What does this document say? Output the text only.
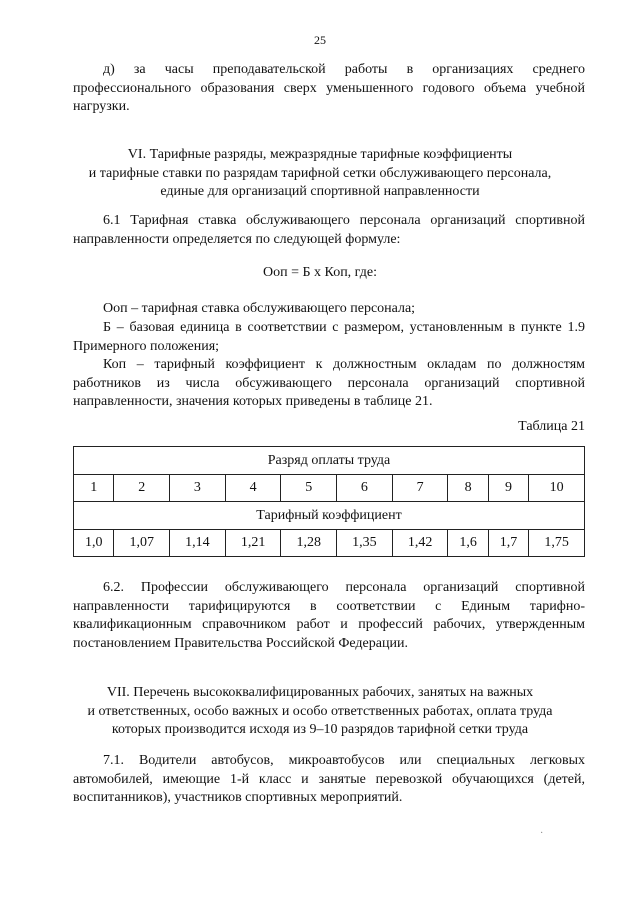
25
д) за часы преподавательской работы в организациях среднего профессионального образования сверх уменьшенного годового объема учебной нагрузки.
VI. Тарифные разряды, межразрядные тарифные коэффициенты
и тарифные ставки по разрядам тарифной сетки обслуживающего персонала,
единые для организаций спортивной направленности
6.1 Тарифная ставка обслуживающего персонала организаций спортивной направленности определяется по следующей формуле:
Ооп = Б х Коп, где:
Ооп – тарифная ставка обслуживающего персонала;
Б – базовая единица в соответствии с размером, установленным в пункте 1.9 Примерного положения;
Коп – тарифный коэффициент к должностным окладам по должностям работников из числа обсуживающего персонала организаций спортивной направленности, значения которых приведены в таблице 21.
Таблица 21
Разряд оплаты труда									
1	2	3	4	5	6	7	8	9	10
Тарифный коэффициент									
1,0	1,07	1,14	1,21	1,28	1,35	1,42	1,6	1,7	1,75
6.2. Профессии обслуживающего персонала организаций спортивной направленности тарифицируются в соответствии с Единым тарифно-квалификационным справочником работ и профессий рабочих, утвержденным постановлением Правительства Российской Федерации.
VII. Перечень высококвалифицированных рабочих, занятых на важных
и ответственных, особо важных и особо ответственных работах, оплата труда
которых производится исходя из 9–10 разрядов тарифной сетки труда
7.1. Водители автобусов, микроавтобусов или специальных легковых автомобилей, имеющие 1-й класс и занятые перевозкой обучающихся (детей, воспитанников), участников спортивных мероприятий.
·
